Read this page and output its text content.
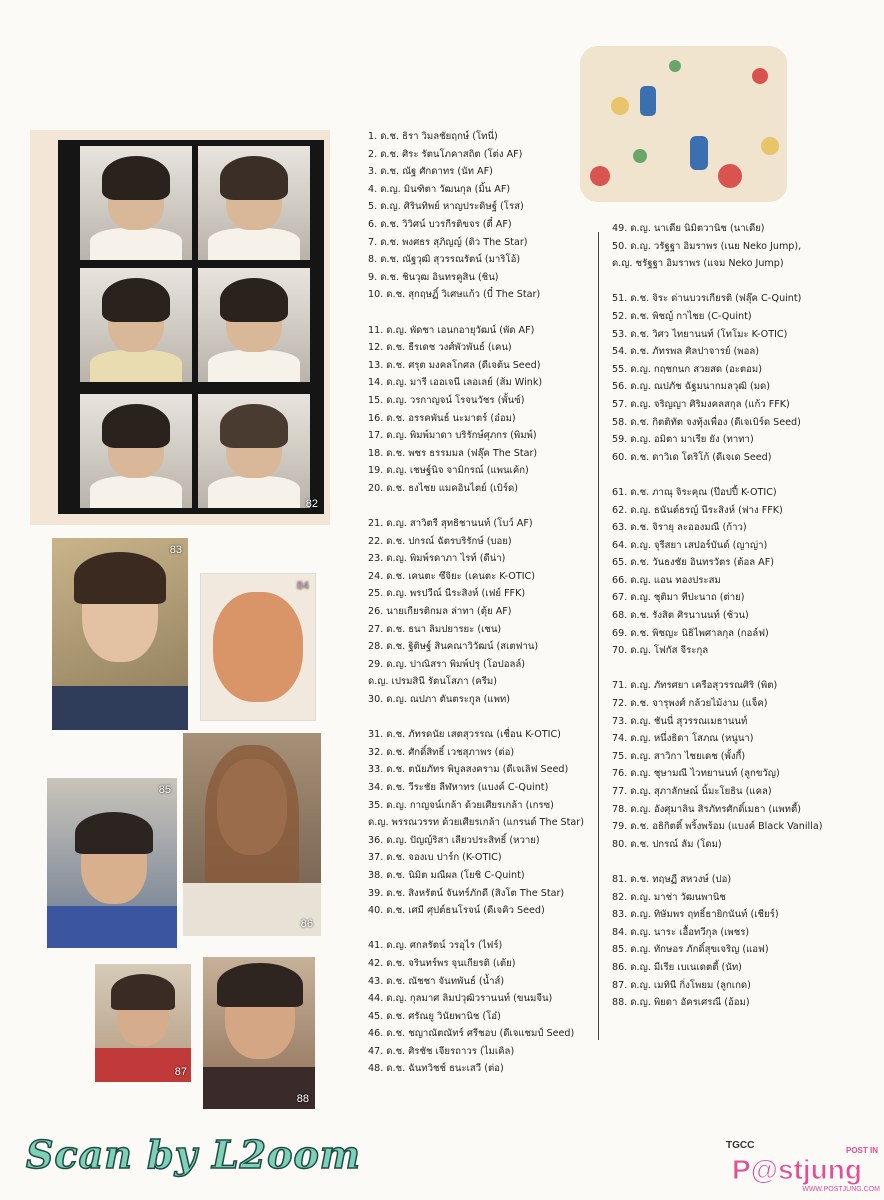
82
83
84
85
86
87
88
1. ด.ช. ธิรา วิมลชัยฤกษ์ (โทนี่)
2. ด.ช. ศิระ รัตนโภคาสถิต (โต่ง AF)
3. ด.ช. ณัฐ ศักดาทร (นัท AF)
4. ด.ญ. มินฑิตา วัฒนกุล (มิ้น AF)
5. ด.ญ. ศิรินทิพย์ หาญประดิษฐ์ (โรส)
6. ด.ช. วิวิศน์ บวรกีรติขจร (ตี๋ AF)
7. ด.ช. พงศธร สุภิญญ์ (ดิว The Star)
8. ด.ช. ณัฐวุฒิ สุวรรณรัตน์ (มาริโอ้)
9. ด.ช. ชินวุฒ อินทรคูสิน (ชิน)
10. ด.ช. สุกฤษฏิ์ วิเศษแก้ว (บี๋ The Star)
11. ด.ญ. พัดชา เอนกอายุวัฒน์ (พัด AF)
12. ด.ช. ธีรเดช วงศ์พัวพันธ์ (เคน)
13. ด.ช. ศรุต มงคลโกศล (ดีเจต้น Seed)
14. ด.ญ. มารี เออเจนี เลอเลย์ (ส้ม Wink)
15. ด.ญ. วรกาญจน์ โรจนวัชร (พั้นซ์)
16. ด.ช. อรรคพันธ์ นะมาตร์ (อ๋อม)
17. ด.ญ. พิมพ์มาดา บริรักษ์ศุภกร (พิมพ์)
18. ด.ช. พชร ธรรมมล (ฟลุ๊ค The Star)
19. ด.ญ. เชษฐ์นิจ จามิกรณ์ (แพนเค้ก)
20. ด.ช. ธงไชย แมคอินไตย์ (เบิร์ด)
21. ด.ญ. สาวิตรี สุทธิชานนท์ (โบว์ AF)
22. ด.ช. ปกรณ์ ฉัตรบริรักษ์ (บอย)
23. ด.ญ. พิมพ์รดาภา ไรท์ (ดีน่า)
24. ด.ช. เคนตะ ซึจิยะ (เคนตะ K-OTIC)
25. ด.ญ. พรปวีณ์ นีระสิงห์ (เฟย์ FFK)
26. นายเกียรติกมล ล่าทา (ตุ้ย AF)
27. ด.ช. ธนา ลิมปยารยะ (เชน)
28. ด.ช. ฐิติษฐ์ สินคณาวิวัฒน์ (สเตฟาน)
29. ด.ญ. ปาณิสรา พิมพ์ปรุ (โอปอลล์)
ด.ญ. เปรมสินี รัตนโสภา (ครีม)
30. ด.ญ. ณปภา ตันตระกูล (แพท)
31. ด.ช. ภัทรดนัย เสตสุวรรณ (เชื่อน K-OTIC)
32. ด.ช. ศักดิ์สิทธิ์ เวชสุภาพร (ต่อ)
33. ด.ช. ตนัยภัทร พิบูลสงคราม (ดีเจเลิฟ Seed)
34. ด.ช. วีระชัย ลีฬหาทร (แบงค์ C-Quint)
35. ด.ญ. กาญจน์เกล้า ด้วยเศียรเกล้า (เกรซ)
ด.ญ. พรรณวรรท ด้วยเศียรเกล้า (แกรนด์ The Star)
36. ด.ญ. ปัญญ์ริสา เลียวประสิทธิ์ (หวาย)
37. ด.ช. จองเบ ปาร์ก (K-OTIC)
38. ด.ช. นิมิต มณีผล (โยชิ C-Quint)
39. ด.ช. สิงหรัตน์ จันทร์ภักดี (สิงโต The Star)
40. ด.ช. เศมี ศุปต์ธนโรจน์ (ดีเจคิว Seed)
41. ด.ญ. ศกลรัตน์ วรอุไร (ไฟร์)
42. ด.ช. จรินทร์พร จุนเกียรติ (เต้ย)
43. ด.ช. ณัชชา จันทพันธ์ (น้ำส์)
44. ด.ญ. กุลมาศ ลิมปวุฒิวรานนท์ (ขนมจีน)
45. ด.ช. ศรัณยู วินัยพานิช (โอ๋)
46. ด.ช. ชญาณัตณัทร์ ศรีชอบ (ดีเจแชมป์ Seed)
47. ด.ช. ศิรชัช เจียรถาวร (ไมเคิล)
48. ด.ช. ฉันทวิชช์ ธนะเสวี (ต่อ)
49. ด.ญ. นาเดีย นิมิตวานิช (นาเดีย)
50. ด.ญ. วรัฐฐา อิมราพร (เนย Neko Jump),
ด.ญ. ชรัฐฐา อิมราพร (แจม Neko Jump)
51. ด.ช. จิระ ด่านบวรเกียรติ (ฟลุ๊ค C-Quint)
52. ด.ช. พิชญ์ กาไชย (C-Quint)
53. ด.ช. วิศว ไทยานนท์ (โทโมะ K-OTIC)
54. ด.ช. ภัทรพล ศิลปาจารย์ (พอล)
55. ด.ญ. กฤชกนก สวยสด (อะตอม)
56. ด.ญ. ณปภัช ฉัฐมนากมลวุฒิ (มด)
57. ด.ญ. จริญญา ศิริมงคลสกุล (แก้ว FFK)
58. ด.ช. กิตติทัต จงทุ้งเพื่อง (ดีเจเบิร์ด Seed)
59. ด.ญ. อมิตา มาเรีย ยัง (ทาทา)
60. ด.ช. ดาวิเด โดริโก้ (ดีเจเด Seed)
61. ด.ช. ภาณุ จิระคุณ (ป๊อปปี้ K-OTIC)
62. ด.ญ. ธนันต์ธรญ์ นีระสิงห์ (ฟาง FFK)
63. ด.ช. จิรายุ ละอองมณี (ก้าว)
64. ด.ญ. จุรีสยา เสปอร์บันด์ (ญาญ่า)
65. ด.ช. วันธงชัย อินทรวัตร (ต้อล AF)
66. ด.ญ. แอน ทองประสม
67. ด.ญ. ชุติมา ทีปะนาถ (ต่าย)
68. ด.ช. รังสิต ศิรนานนท์ (ช้วน)
69. ด.ช. พิชญะ นิธิไพศาลกุล (กอล์ฟ)
70. ด.ญ. โฟกัส จีระกุล
71. ด.ญ. ภัทรศยา เครือสุวรรณศิริ (พิต)
72. ด.ช. จารุพงศ์ กล้วยไม้งาม (แจ็ค)
73. ด.ญ. ชันนี่ สุวรรณเมธานนท์
74. ด.ญ. หนึ่งธิดา โสภณ (หนูนา)
75. ด.ญ. สาวิกา ไชยเดช (พั้งกี้)
76. ด.ญ. ชุษามณี ไวทยานนท์ (ลูกขวัญ)
77. ด.ญ. สุภาลักษณ์ นิ้มะโยธิน (แคล)
78. ด.ญ. อังศุมาลิน สิรภัทรศักดิ์เมธา (แพทตี้)
79. ด.ช. อธิกิตติ์ พริ้งพร้อม (แบงค์ Black Vanilla)
80. ด.ช. ปกรณ์ ลัม (โดม)
81. ด.ช. ทฤษฏี สหวงษ์ (ปอ)
82. ด.ญ. มาช่า วัฒนพานิช
83. ด.ญ. ทิษัมพร ฤทธิ์ธายิกนันท์ (เชียร์)
84. ด.ญ. นาระ เอื้อทวีกุล (เพชร)
85. ด.ญ. ทักษอร ภักดิ์สุขเจริญ (แอฟ)
86. ด.ญ. มีเรีย เบเนเดตตี้ (นัท)
87. ด.ญ. เมทินี กิ่งโพยม (ลูกเกด)
88. ด.ญ. พิยดา อัครเศรณี (อ้อม)
Scan by L2oom	TGCC	POST IN
P@stjung
WWW.POSTJUNG.COM
